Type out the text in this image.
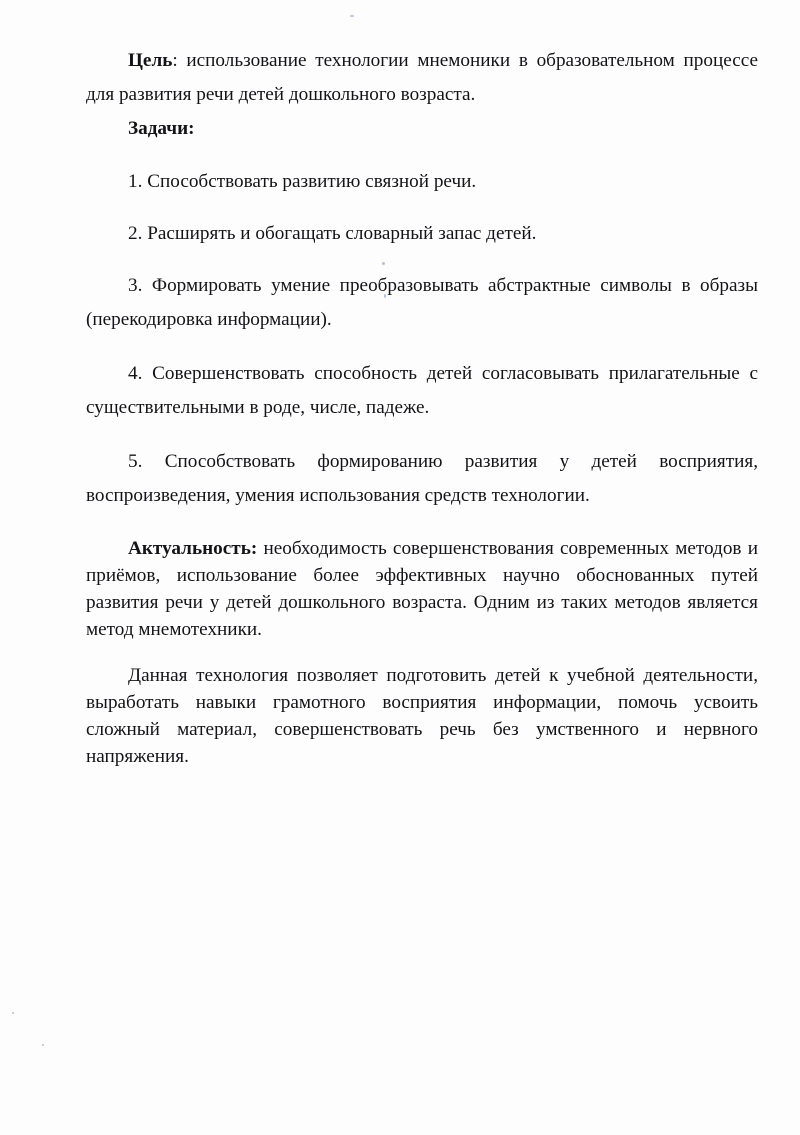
Цель: использование технологии мнемоники в образовательном процессе для развития речи детей дошкольного возраста.

Задачи:

1. Способствовать развитию связной речи.

2. Расширять и обогащать словарный запас детей.

3. Формировать умение преобразовывать абстрактные символы в образы (перекодировка информации).

4. Совершенствовать способность детей согласовывать прилагательные с существительными в роде, числе, падеже.

5. Способствовать формированию развития у детей восприятия, воспроизведения, умения использования средств технологии.

Актуальность: необходимость совершенствования современных методов и приёмов, использование более эффективных научно обоснованных путей развития речи у детей дошкольного возраста. Одним из таких методов является метод мнемотехники.

Данная технология позволяет подготовить детей к учебной деятельности, выработать навыки грамотного восприятия информации, помочь усвоить сложный материал, совершенствовать речь без умственного и нервного напряжения.
